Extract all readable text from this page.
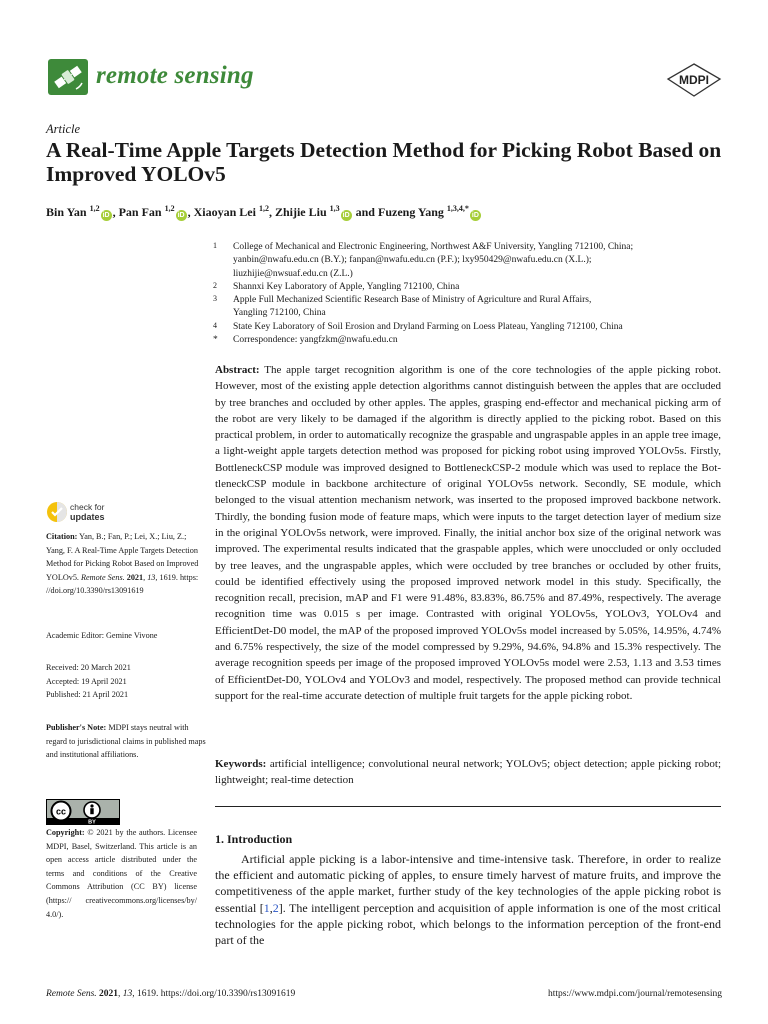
remote sensing	MDPI
Article
A Real-Time Apple Targets Detection Method for Picking Robot Based on Improved YOLOv5
Bin Yan $^{1,2}$iD , Pan Fan $^{1,2}$iD , Xiaoyan Lei $^{1,2}$, Zhijie Liu $^{1,3}$iD and Fuzeng Yang $^{1,3,4,*}$iD
1 College of Mechanical and Electronic Engineering, Northwest A&F University, Yangling 712100, China;
yanbin@nwafu.edu.cn (B.Y.); fanpan@nwafu.edu.cn (P.F.); lxy950429@nwafu.edu.cn (X.L.);
liuzhijie@nwsuaf.edu.cn (Z.L.)
2 Shannxi Key Laboratory of Apple, Yangling 712100, China
3 Apple Full Mechanized Scientific Research Base of Ministry of Agriculture and Rural Affairs,
Yangling 712100, China
4 State Key Laboratory of Soil Erosion and Dryland Farming on Loess Plateau, Yangling 712100, China
* Correspondence: yangfzkm@nwafu.edu.cn
Abstract: The apple target recognition algorithm is one of the core technologies of the apple picking robot. However, most of the existing apple detection algorithms cannot distinguish between the apples that are occluded by tree branches and occluded by other apples. The apples, grasping end-effector and mechanical picking arm of the robot are very likely to be damaged if the algorithm is directly applied to the picking robot. Based on this practical problem, in order to automatically recognize the graspable and ungraspable apples in an apple tree image, a light-weight apple targets detection method was proposed for picking robot using improved YOLOv5s. Firstly, BottleneckCSP module was improved designed to BottleneckCSP-2 module which was used to replace the Bot-tleneckCSP module in backbone architecture of original YOLOv5s network. Secondly, SE module, which belonged to the visual attention mechanism network, was inserted to the proposed improved backbone network. Thirdly, the bonding fusion mode of feature maps, which were inputs to the target detection layer of medium size in the original YOLOv5s network, were improved. Finally, the initial anchor box size of the original network was improved. The experimental results indicated that the graspable apples, which were unoccluded or only occluded by tree leaves, and the ungraspable apples, which were occluded by tree branches or occluded by other fruits, could be identified effectively using the proposed improved network model in this study. Specifically, the recognition recall, precision, mAP and F1 were 91.48%, 83.83%, 86.75% and 87.49%, respectively. The average recognition time was 0.015 s per image. Contrasted with original YOLOv5s, YOLOv3, YOLOv4 and EfficientDet-D0 model, the mAP of the proposed improved YOLOv5s model increased by 5.05%, 14.95%, 4.74% and 6.75% respectively, the size of the model compressed by 9.29%, 94.6%, 94.8% and 15.3% respectively. The average recognition speeds per image of the proposed improved YOLOv5s model were 2.53, 1.13 and 3.53 times of EfficientDet-D0, YOLOv4 and YOLOv3 and model, respectively. The proposed method can provide technical support for the real-time accurate detection of multiple fruit targets for the apple picking robot.
Keywords: artificial intelligence; convolutional neural network; YOLOv5; object detection; apple picking robot; lightweight; real-time detection
1. Introduction
Artificial apple picking is a labor-intensive and time-intensive task. Therefore, in order to realize the efficient and automatic picking of apples, to ensure timely harvest of mature fruits, and improve the competitiveness of the apple market, further study of the key technologies of the apple picking robot is essential [1,2]. The intelligent perception and acquisition of apple information is one of the most critical technologies for the apple picking robot, which belongs to the information perception of the front-end part of the
check for
updates
Citation: Yan, B.; Fan, P.; Lei, X.; Liu, Z.; Yang, F. A Real-Time Apple Targets Detection Method for Picking Robot Based on Improved YOLOv5. Remote Sens. 2021, 13, 1619. https:
//doi.org/10.3390/rs13091619
Academic Editor: Gemine Vivone
Received: 20 March 2021
Accepted: 19 April 2021
Published: 21 April 2021
Publisher's Note: MDPI stays neutral with regard to jurisdictional claims in published maps and institutional affiliations.
cc
BY
Copyright: © 2021 by the authors. Licensee MDPI, Basel, Switzerland. This article is an open access article distributed under the terms and conditions of the Creative Commons Attribution (CC BY) license (https:// creativecommons.org/licenses/by/ 4.0/).
Remote Sens. 2021, 13, 1619. https://doi.org/10.3390/rs13091619	https://www.mdpi.com/journal/remotesensing
